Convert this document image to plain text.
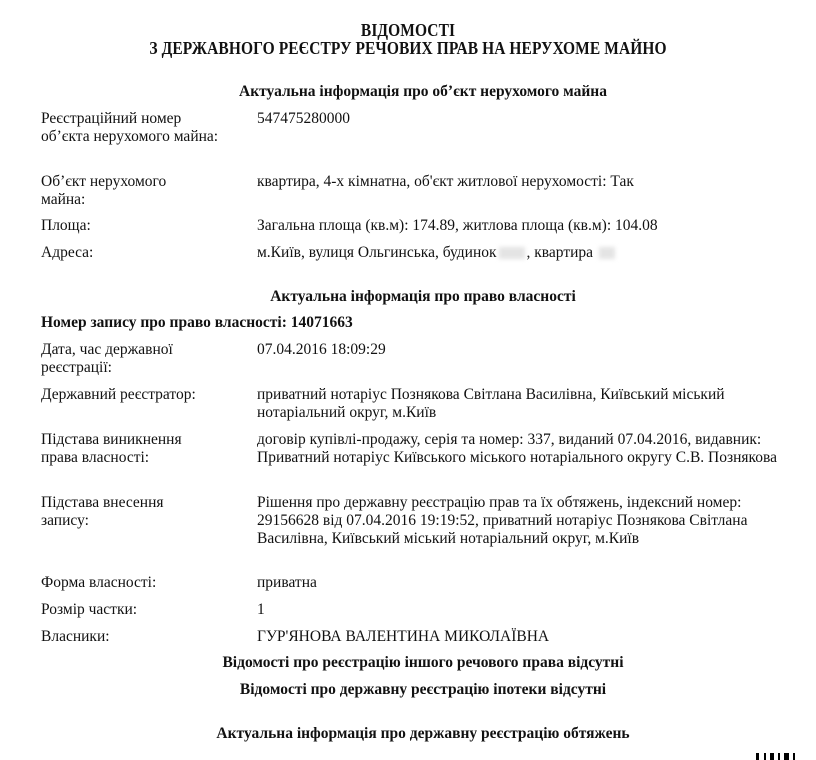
ВІДОМОСТІ
З ДЕРЖАВНОГО РЕЄСТРУ РЕЧОВИХ ПРАВ НА НЕРУХОМЕ МАЙНО
Актуальна інформація про об’єкт нерухомого майна
Реєстраційний номер об’єкта нерухомого майна:
547475280000
Об’єкт нерухомого майна:
квартира, 4-х кімнатна, об'єкт житлової нерухомості: Так
Площа:	Загальна площа (кв.м): 174.89, житлова площа (кв.м): 104.08
Адреса:	м.Київ, вулиця Ольгинська, будинок , квартира
Актуальна інформація про право власності
Номер запису про право власності: 14071663
Дата, час державної реєстрації:
07.04.2016 18:09:29
Державний реєстратор:	приватний нотаріус Познякова Світлана Василівна, Київський міський нотаріальний округ, м.Київ
Підстава виникнення права власності:
договір купівлі-продажу, серія та номер: 337, виданий 07.04.2016, видавник: Приватний нотаріус Київського міського нотаріального округу С.В. Познякова
Підстава внесення запису:
Рішення про державну реєстрацію прав та їх обтяжень, індексний номер: 29156628 від 07.04.2016 19:19:52, приватний нотаріус Познякова Світлана Василівна, Київський міський нотаріальний округ, м.Київ
Форма власності:	приватна
Розмір частки:	1
Власники:	ГУР'ЯНОВА ВАЛЕНТИНА МИКОЛАЇВНА
Відомості про реєстрацію іншого речового права відсутні
Відомості про державну реєстрацію іпотеки відсутні
Актуальна інформація про державну реєстрацію обтяжень
